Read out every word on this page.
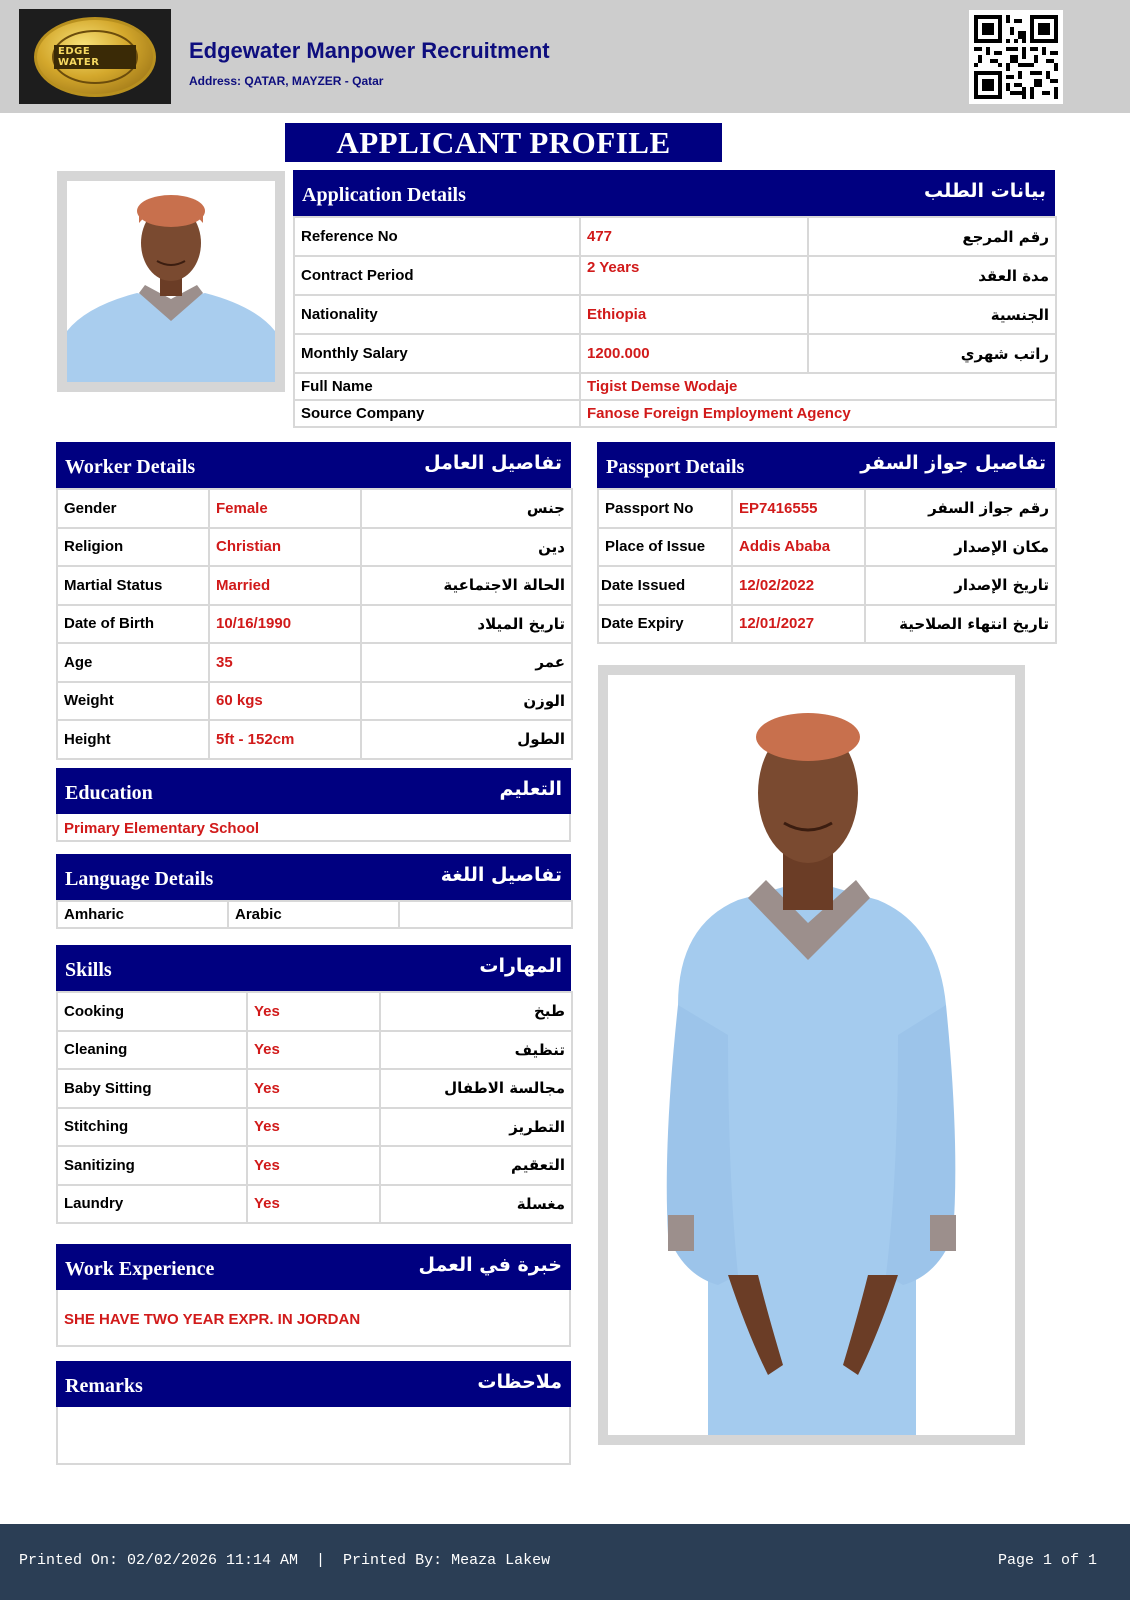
EDGE WATER	Edgewater Manpower Recruitment
Address: QATAR, MAYZER - Qatar
APPLICANT PROFILE
Application Details	بيانات الطلب
Reference No	477	رقم المرجع
Contract Period	2 Years	مدة العقد
Nationality	Ethiopia	الجنسية
Monthly Salary	1200.000	راتب شهري
Full Name	Tigist Demse Wodaje	
Source Company	Fanose Foreign Employment Agency	
Worker Details	تفاصيل العامل
Gender	Female	جنس
Religion	Christian	دين
Martial Status	Married	الحالة الاجتماعية
Date of Birth	10/16/1990	تاريخ الميلاد
Age	35	عمر
Weight	60 kgs	الوزن
Height	5ft - 152cm	الطول
Passport Details	تفاصيل جواز السفر
Passport No	EP7416555	رقم جواز السفر
Place of Issue	Addis Ababa	مكان الإصدار
Date Issued	12/02/2022	تاريخ الإصدار
Date Expiry	12/01/2027	تاريخ انتهاء الصلاحية
Education	التعليم
Primary Elementary School
Language Details	تفاصيل اللغة
Amharic	Arabic	
Skills	المهارات
Cooking	Yes	طبخ
Cleaning	Yes	تنظيف
Baby Sitting	Yes	مجالسة الاطفال
Stitching	Yes	التطريز
Sanitizing	Yes	التعقيم
Laundry	Yes	مغسلة
Work Experience	خبرة في العمل
SHE HAVE TWO YEAR EXPR. IN JORDAN
Remarks	ملاحظات
Printed On: 02/02/2026 11:14 AM  |  Printed By: Meaza Lakew	Page 1 of 1
